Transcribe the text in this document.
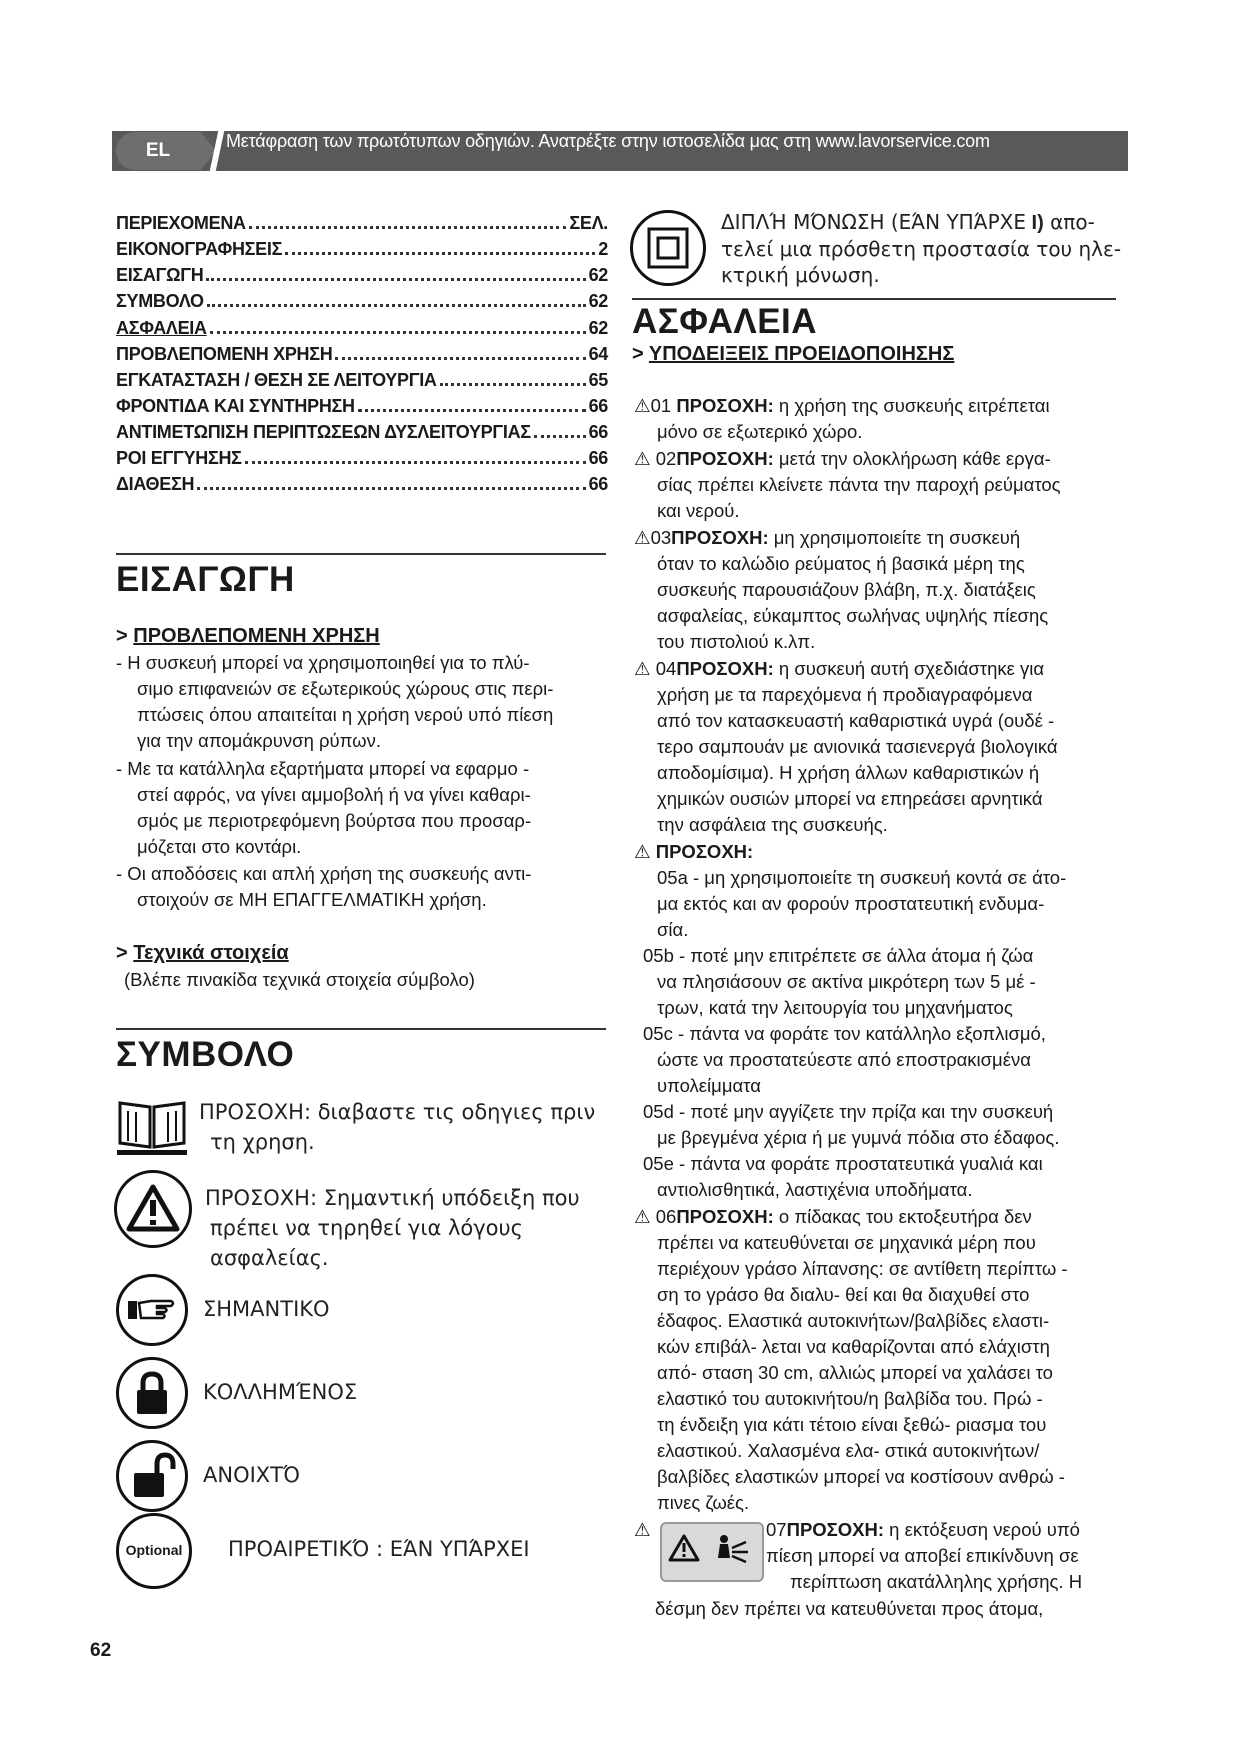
EL	Μετάφραση των πρωτότυπων οδηγιών. Ανατρέξτε στην ιστοσελίδα μας στη www.lavorservice.com
ΠΕΡΙΕΧΟΜΕΝΑ	ΣΕΛ.
ΕΙΚΟΝΟΓΡΑΦΗΣΕΙΣ	2
ΕΙΣΑΓΩΓΗ	62
ΣΥΜΒΟΛΟ	62
ΑΣΦΑΛΕΙΑ	62
ΠΡΟΒΛΕΠΟΜΕΝΗ ΧΡΗΣΗ	64
ΕΓΚΑΤΑΣΤΑΣΗ / ΘΕΣΗ ΣΕ ΛΕΙΤΟΥΡΓΙΑ	65
ΦΡΟΝΤΙΔΑ ΚΑΙ ΣΥΝΤΗΡΗΣΗ	66
ΑΝΤΙΜΕΤΩΠΙΣΗ ΠΕΡΙΠΤΩΣΕΩΝ ΔΥΣΛΕΙΤΟΥΡΓΙΑΣ	66
ΡΟΙ ΕΓΓΥΗΣΗΣ	66
ΔΙΑΘΕΣΗ	66
ΕΙΣΑΓΩΓΗ
> ΠΡΟΒΛΕΠΟΜΕΝΗ ΧΡΗΣΗ
- Η συσκευή μπορεί να χρησιμοποιηθεί για το πλύ-
σιμο επιφανειών σε εξωτερικούς χώρους στις περι-
πτώσεις όπου απαιτείται η χρήση νερού υπό πίεση
για την απομάκρυνση ρύπων.
- Με τα κατάλληλα εξαρτήματα μπορεί να εφαρμο -
στεί αφρός, να γίνει αμμοβολή ή να γίνει καθαρι-
σμός με περιοτρεφόμενη βούρτσα που προσαρ-
μόζεται στο κοντάρι.
- Οι αποδόσεις και απλή χρήση της συσκευής αντι-
στοιχούν σε ΜΗ ΕΠΑΓΓΕΛΜΑΤΙΚΗ χρήση.
> Τεχνικά στοιχεία
(Βλέπε πινακίδα τεχνικά στοιχεία σύμβολο)
ΣΥΜΒΟΛΟ
ΠΡΟΣΟΧΗ: διαβαστε τις οδηγιες πριν
τη χρηση.
ΠΡΟΣΟΧΗ: Σημαντική υπόδειξη που
πρέπει να τηρηθεί για λόγους
ασφαλείας.
ΣΗΜΑΝΤΙΚΟ
ΚΟΛΛΗΜΈΝΟΣ
ΑΝΟΙΧΤΌ
Optional	ΠΡΟΑΙΡΕΤΙΚΌ : ΕΆΝ ΥΠΆΡΧΕΙ
ΔΙΠΛΉ ΜΌΝΩΣΗ (ΕΆΝ ΥΠΆΡΧΕ I) απο-
τελεί μια πρόσθετη προστασία του ηλε-
κτρική μόνωση.
ΑΣΦΑΛΕΙΑ
> ΥΠΟΔΕΙΞΕΙΣ ΠΡΟΕΙΔΟΠΟΙΗΣΗΣ
⚠01 ΠΡΟΣΟΧΗ: η χρήση της συσκευής ειτρέπεται
μόνο σε εξωτερικό χώρο.
⚠ 02ΠΡΟΣΟΧΗ: μετά την ολοκλήρωση κάθε εργα-
σίας πρέπει κλείνετε πάντα την παροχή ρεύματος
και νερού.
⚠03ΠΡΟΣΟΧΗ: μη χρησιμοποιείτε τη συσκευή
όταν το καλώδιο ρεύματος ή βασικά μέρη της
συσκευής παρουσιάζουν βλάβη, π.χ. διατάξεις
ασφαλείας, εύκαμπτος σωλήνας υψηλής πίεσης
του πιστολιού κ.λπ.
⚠ 04ΠΡΟΣΟΧΗ: η συσκευή αυτή σχεδιάστηκε για
χρήση με τα παρεχόμενα ή προδιαγραφόμενα
από τον κατασκευαστή καθαριστικά υγρά (ουδέ -
τερο σαμπουάν με ανιονικά τασιενεργά βιολογικά
αποδομίσιμα). Η χρήση άλλων καθαριστικών ή
χημικών ουσιών μπορεί να επηρεάσει αρνητικά
την ασφάλεια της συσκευής.
⚠ ΠΡΟΣΟΧΗ:
05a - μη χρησιμοποιείτε τη συσκευή κοντά σε άτο-
μα εκτός και αν φορούν προστατευτική ενδυμα-
σία.
05b - ποτέ μην επιτρέπετε σε άλλα άτομα ή ζώα
να πλησιάσουν σε ακτίνα μικρότερη των 5 μέ -
τρων, κατά την λειτουργία του μηχανήματος
05c - πάντα να φοράτε τον κατάλληλο εξοπλισμό,
ώστε να προστατεύεστε από εποστρακισμένα
υπολείμματα
05d - ποτέ μην αγγίζετε την πρίζα και την συσκευή
με βρεγμένα χέρια ή με γυμνά πόδια στο έδαφος.
05e - πάντα να φοράτε προστατευτικά γυαλιά και
αντιολισθητικά, λαστιχένια υποδήματα.
⚠ 06ΠΡΟΣΟΧΗ: ο πίδακας του εκτοξευτήρα δεν
πρέπει να κατευθύνεται σε μηχανικά μέρη που
περιέχουν γράσο λίπανσης: σε αντίθετη περίπτω -
ση το γράσο θα διαλυ- θεί και θα διαχυθεί στο
έδαφος. Ελαστικά αυτοκινήτων/βαλβίδες ελαστι-
κών επιβάλ- λεται να καθαρίζονται από ελάχιστη
από- σταση 30 cm, αλλιώς μπορεί να χαλάσει το
ελαστικό του αυτοκινήτου/η βαλβίδα του. Πρώ -
τη ένδειξη για κάτι τέτοιο είναι ξεθώ- ριασμα του
ελαστικού. Χαλασμένα ελα- στικά αυτοκινήτων/
βαλβίδες ελαστικών μπορεί να κοστίσουν ανθρώ -
πινες ζωές.
⚠	07ΠΡΟΣΟΧΗ: η εκτόξευση νερού υπό
πίεση μπορεί να αποβεί επικίνδυνη σε
περίπτωση ακατάλληλης χρήσης. Η
δέσμη δεν πρέπει να κατευθύνεται προς άτομα,
62
